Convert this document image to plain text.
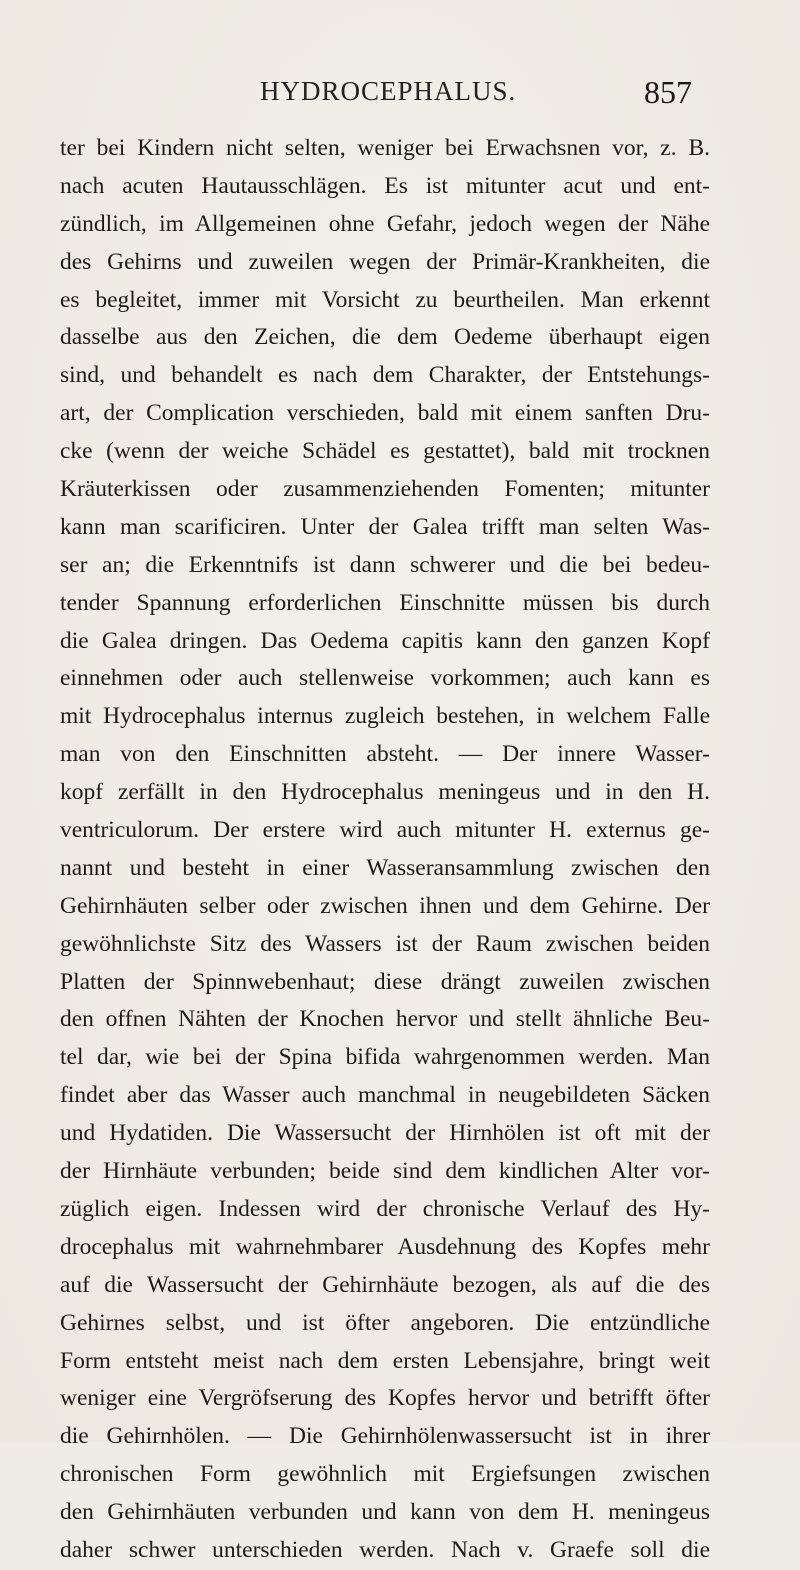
HYDROCEPHALUS.	857
ter bei Kindern nicht selten, weniger bei Erwachsnen vor, z. B.
nach acuten Hautausschlägen. Es ist mitunter acut und ent-
zündlich, im Allgemeinen ohne Gefahr, jedoch wegen der Nähe
des Gehirns und zuweilen wegen der Primär-Krankheiten, die
es begleitet, immer mit Vorsicht zu beurtheilen. Man erkennt
dasselbe aus den Zeichen, die dem Oedeme überhaupt eigen
sind, und behandelt es nach dem Charakter, der Entstehungs-
art, der Complication verschieden, bald mit einem sanften Dru-
cke (wenn der weiche Schädel es gestattet), bald mit trocknen
Kräuterkissen oder zusammenziehenden Fomenten; mitunter
kann man scarificiren. Unter der Galea trifft man selten Was-
ser an; die Erkenntnifs ist dann schwerer und die bei bedeu-
tender Spannung erforderlichen Einschnitte müssen bis durch
die Galea dringen. Das Oedema capitis kann den ganzen Kopf
einnehmen oder auch stellenweise vorkommen; auch kann es
mit Hydrocephalus internus zugleich bestehen, in welchem Falle
man von den Einschnitten absteht. — Der innere Wasser-
kopf zerfällt in den Hydrocephalus meningeus und in den H.
ventriculorum. Der erstere wird auch mitunter H. externus ge-
nannt und besteht in einer Wasseransammlung zwischen den
Gehirnhäuten selber oder zwischen ihnen und dem Gehirne. Der
gewöhnlichste Sitz des Wassers ist der Raum zwischen beiden
Platten der Spinnwebenhaut; diese drängt zuweilen zwischen
den offnen Nähten der Knochen hervor und stellt ähnliche Beu-
tel dar, wie bei der Spina bifida wahrgenommen werden. Man
findet aber das Wasser auch manchmal in neugebildeten Säcken
und Hydatiden. Die Wassersucht der Hirnhölen ist oft mit der
der Hirnhäute verbunden; beide sind dem kindlichen Alter vor-
züglich eigen. Indessen wird der chronische Verlauf des Hy-
drocephalus mit wahrnehmbarer Ausdehnung des Kopfes mehr
auf die Wassersucht der Gehirnhäute bezogen, als auf die des
Gehirnes selbst, und ist öfter angeboren. Die entzündliche
Form entsteht meist nach dem ersten Lebensjahre, bringt weit
weniger eine Vergröfserung des Kopfes hervor und betrifft öfter
die Gehirnhölen. — Die Gehirnhölenwassersucht ist in ihrer
chronischen Form gewöhnlich mit Ergiefsungen zwischen
den Gehirnhäuten verbunden und kann von dem H. meningeus
daher schwer unterschieden werden. Nach v. Graefe soll die
